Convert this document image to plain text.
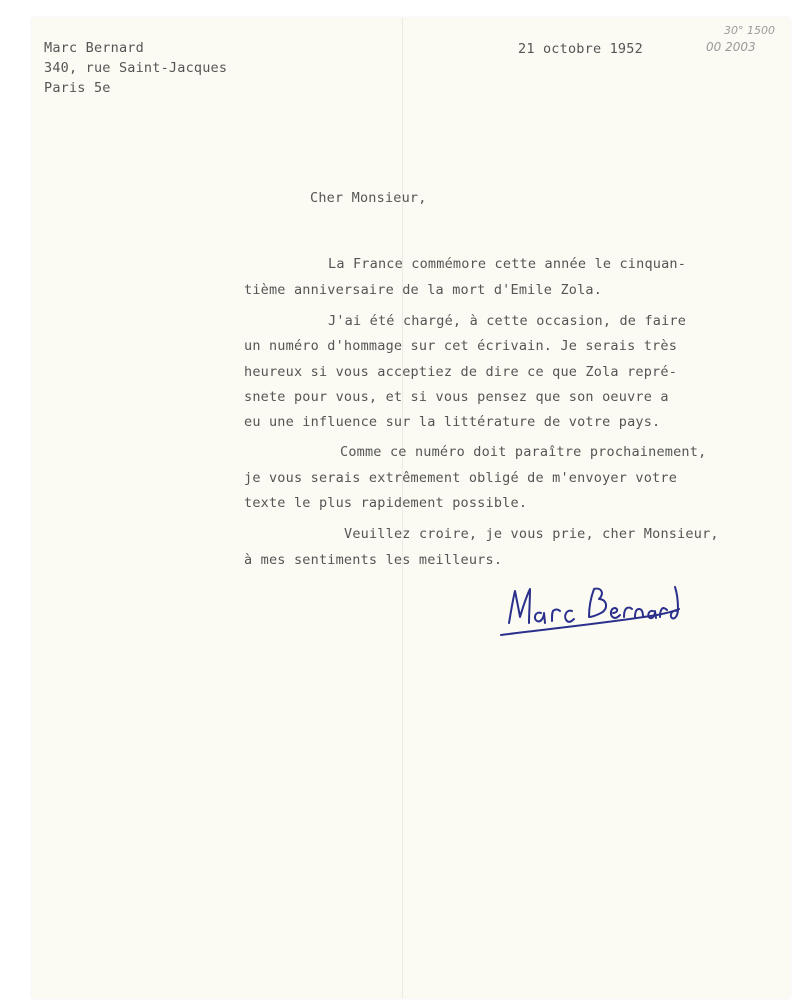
Marc Bernard
340, rue Saint-Jacques
Paris 5e
21 octobre 1952
30° 1500
00 2003
Cher Monsieur,
La France commémore cette année le cinquan-
tième anniversaire de la mort d'Emile Zola.
J'ai été chargé, à cette occasion, de faire
un numéro d'hommage sur cet écrivain. Je serais très
heureux si vous acceptiez de dire ce que Zola repré-
snete pour vous, et si vous pensez que son oeuvre a
eu une influence sur la littérature de votre pays.
Comme ce numéro doit paraître prochainement,
je vous serais extrêmement obligé de m'envoyer votre
texte le plus rapidement possible.
Veuillez croire, je vous prie, cher Monsieur,
à mes sentiments les meilleurs.
